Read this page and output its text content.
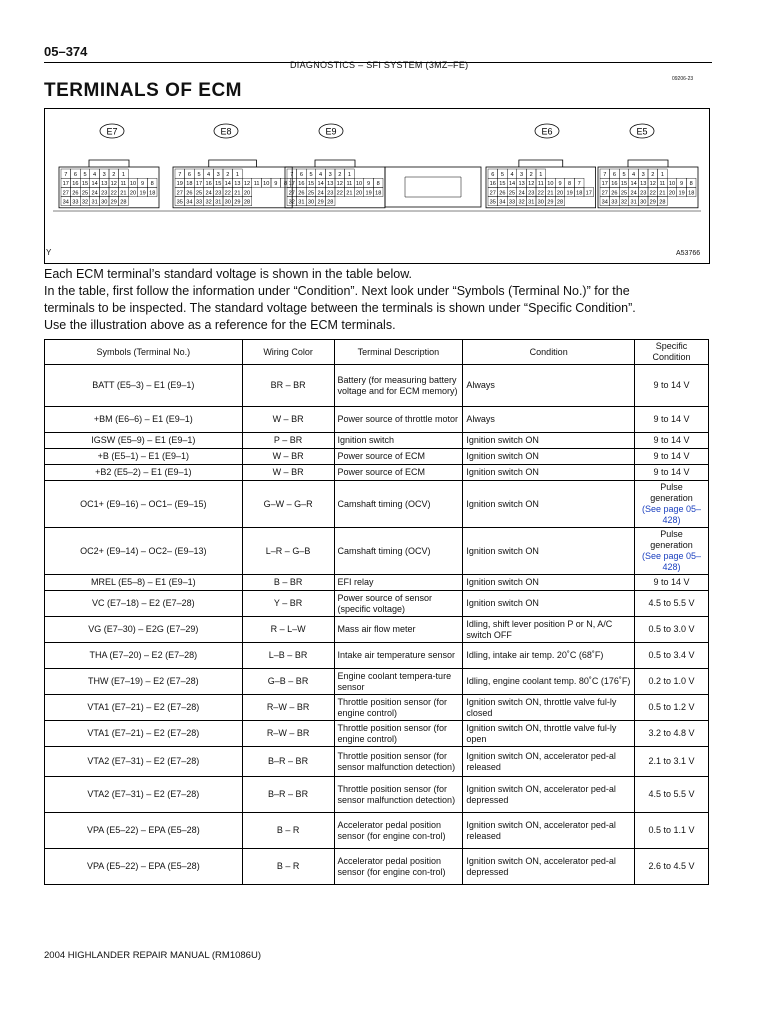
05–374
DIAGNOSTICS – SFI SYSTEM (3MZ–FE)
09206-23
TERMINALS OF ECM
E7
7 6 5 4 3 2 1
17 16 15 14 13 12 11 10 9 8
27 26 25 24 23 22 21 20 19 18
34 33 32 31 30 29 28
E8
7 6 5 4 3 2 1
19 18 17 16 15 14 13 12 11 10 9 8
27 26 25 24 23 22 21 20
35 34 33 32 31 30 29 28
E9
7 6 5 4 3 2 1
17 16 15 14 13 12 11 10 9 8
27 26 25 24 23 22 21 20 19 18
32 31 30 29 28
E6
6 5 4 3 2 1
16 15 14 13 12 11 10 9 8 7
27 26 25 24 23 22 21 20 19 18 17
35 34 33 32 31 30 29 28
E5
7 6 5 4 3 2 1
17 16 15 14 13 12 11 10 9 8
27 26 25 24 23 22 21 20 19 18
34 33 32 31 30 29 28
Y	A53766
Each ECM terminal’s standard voltage is shown in the table below.
In the table, first follow the information under “Condition”. Next look under “Symbols (Terminal No.)” for the
terminals to be inspected. The standard voltage between the terminals is shown under “Specific Condition”.
Use the illustration above as a reference for the ECM terminals.
Symbols (Terminal No.)	Wiring Color	Terminal Description	Condition	Specific Condition
BATT (E5–3) – E1 (E9–1)	BR – BR	Battery (for measuring battery voltage and for ECM memory)	Always	9 to 14 V
+BM (E6–6) – E1 (E9–1)	W – BR	Power source of throttle motor	Always	9 to 14 V
IGSW (E5–9) – E1 (E9–1)	P – BR	Ignition switch	Ignition switch ON	9 to 14 V
+B (E5–1) – E1 (E9–1)	W – BR	Power source of ECM	Ignition switch ON	9 to 14 V
+B2 (E5–2) – E1 (E9–1)	W – BR	Power source of ECM	Ignition switch ON	9 to 14 V
OC1+ (E9–16) – OC1– (E9–15)	G–W – G–R	Camshaft timing (OCV)	Ignition switch ON	Pulse generation
(See page 05–428)
OC2+ (E9–14) – OC2– (E9–13)	L–R – G–B	Camshaft timing (OCV)	Ignition switch ON	Pulse generation
(See page 05–428)
MREL (E5–8) – E1 (E9–1)	B – BR	EFI relay	Ignition switch ON	9 to 14 V
VC (E7–18) – E2 (E7–28)	Y – BR	Power source of sensor (specific voltage)	Ignition switch ON	4.5 to 5.5 V
VG (E7–30) – E2G (E7–29)	R – L–W	Mass air flow meter	Idling, shift lever position P or N, A/C switch OFF	0.5 to 3.0 V
THA (E7–20) – E2 (E7–28)	L–B – BR	Intake air temperature sensor	Idling, intake air temp. 20˚C (68˚F)	0.5 to 3.4 V
THW (E7–19) – E2 (E7–28)	G–B – BR	Engine coolant tempera-ture sensor	Idling, engine coolant temp. 80˚C (176˚F)	0.2 to 1.0 V
VTA1 (E7–21) – E2 (E7–28)	R–W – BR	Throttle position sensor (for engine control)	Ignition switch ON, throttle valve ful-ly closed	0.5 to 1.2 V
VTA1 (E7–21) – E2 (E7–28)	R–W – BR	Throttle position sensor (for engine control)	Ignition switch ON, throttle valve ful-ly open	3.2 to 4.8 V
VTA2 (E7–31) – E2 (E7–28)	B–R – BR	Throttle position sensor (for sensor malfunction detection)	Ignition switch ON, accelerator ped-al released	2.1 to 3.1 V
VTA2 (E7–31) – E2 (E7–28)	B–R – BR	Throttle position sensor (for sensor malfunction detection)	Ignition switch ON, accelerator ped-al depressed	4.5 to 5.5 V
VPA (E5–22) – EPA (E5–28)	B – R	Accelerator pedal position sensor (for engine con-trol)	Ignition switch ON, accelerator ped-al released	0.5 to 1.1 V
VPA (E5–22) – EPA (E5–28)	B – R	Accelerator pedal position sensor (for engine con-trol)	Ignition switch ON, accelerator ped-al depressed	2.6 to 4.5 V
2004 HIGHLANDER REPAIR MANUAL (RM1086U)
